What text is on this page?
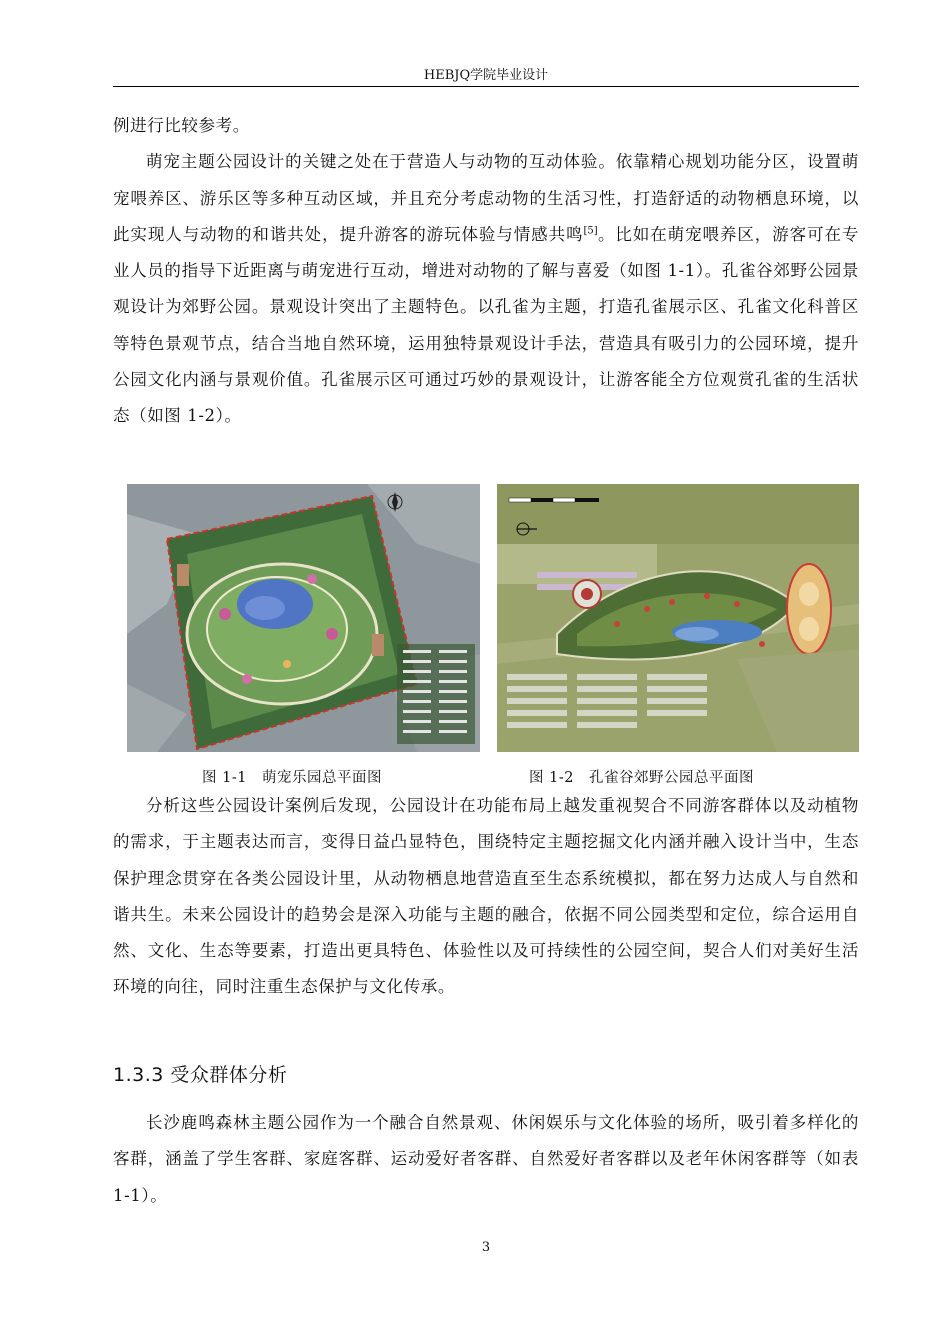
HEBJQ学院毕业设计

例进行比较参考。

萌宠主题公园设计的关键之处在于营造人与动物的互动体验。依靠精心规划功能分区，设置萌宠喂养区、游乐区等多种互动区域，并且充分考虑动物的生活习性，打造舒适的动物栖息环境，以此实现人与动物的和谐共处，提升游客的游玩体验与情感共鸣[5]。比如在萌宠喂养区，游客可在专业人员的指导下近距离与萌宠进行互动，增进对动物的了解与喜爱（如图 1-1）。孔雀谷郊野公园景观设计为郊野公园。景观设计突出了主题特色。以孔雀为主题，打造孔雀展示区、孔雀文化科普区等特色景观节点，结合当地自然环境，运用独特景观设计手法，营造具有吸引力的公园环境，提升公园文化内涵与景观价值。孔雀展示区可通过巧妙的景观设计，让游客能全方位观赏孔雀的生活状态（如图 1-2）。

图 1-1　萌宠乐园总平面图	图 1-2　孔雀谷郊野公园总平面图

分析这些公园设计案例后发现，公园设计在功能布局上越发重视契合不同游客群体以及动植物的需求，于主题表达而言，变得日益凸显特色，围绕特定主题挖掘文化内涵并融入设计当中，生态保护理念贯穿在各类公园设计里，从动物栖息地营造直至生态系统模拟，都在努力达成人与自然和谐共生。未来公园设计的趋势会是深入功能与主题的融合，依据不同公园类型和定位，综合运用自然、文化、生态等要素，打造出更具特色、体验性以及可持续性的公园空间，契合人们对美好生活环境的向往，同时注重生态保护与文化传承。

1.3.3 受众群体分析

长沙鹿鸣森林主题公园作为一个融合自然景观、休闲娱乐与文化体验的场所，吸引着多样化的客群，涵盖了学生客群、家庭客群、运动爱好者客群、自然爱好者客群以及老年休闲客群等（如表 1-1）。

3
